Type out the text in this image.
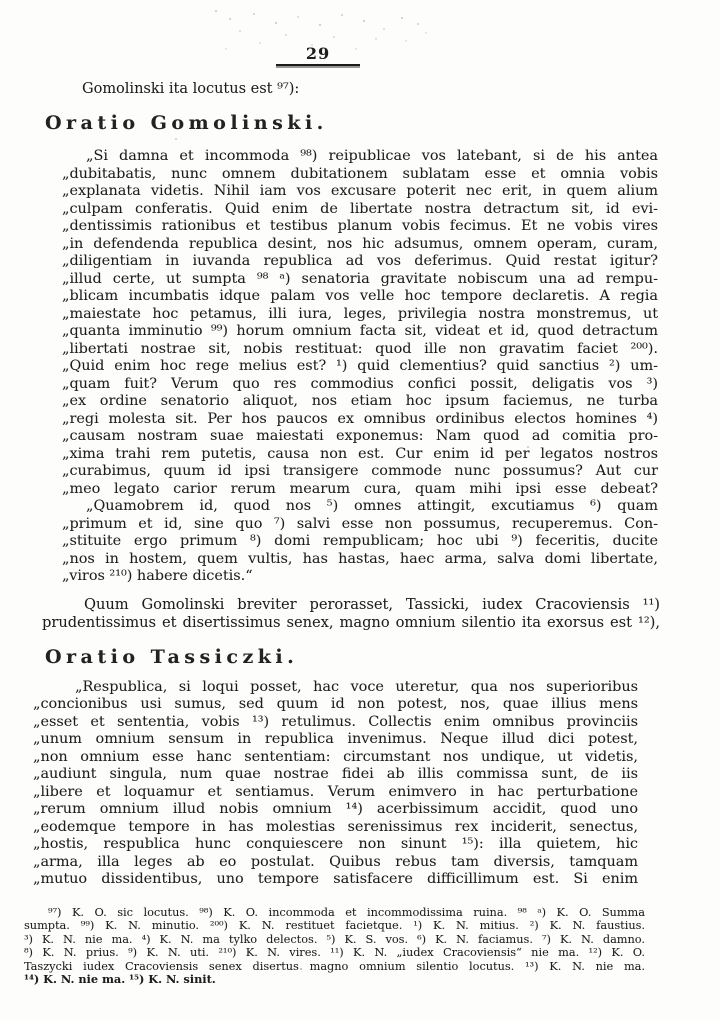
29
Gomolinski ita locutus est ⁹⁷):
Oratio Gomolinski.
„Si damna et incommoda ⁹⁸) reipublicae vos latebant, si de his antea
„dubitabatis, nunc omnem dubitationem sublatam esse et omnia vobis
„explanata videtis. Nihil iam vos excusare poterit nec erit, in quem alium
„culpam conferatis. Quid enim de libertate nostra detractum sit, id evi-
„dentissimis rationibus et testibus planum vobis fecimus. Et ne vobis vires
„in defendenda republica desint, nos hic adsumus, omnem operam, curam,
„diligentiam in iuvanda republica ad vos deferimus. Quid restat igitur?
„illud certe, ut sumpta ⁹⁸ ᵃ) senatoria gravitate nobiscum una ad rempu-
„blicam incumbatis idque palam vos velle hoc tempore declaretis. A regia
„maiestate hoc petamus, illi iura, leges, privilegia nostra monstremus, ut
„quanta imminutio ⁹⁹) horum omnium facta sit, videat et id, quod detractum
„libertati nostrae sit, nobis restituat: quod ille non gravatim faciet ²⁰⁰).
„Quid enim hoc rege melius est? ¹) quid clementius? quid sanctius ²) um-
„quam fuit? Verum quo res commodius confici possit, deligatis vos ³)
„ex ordine senatorio aliquot, nos etiam hoc ipsum faciemus, ne turba
„regi molesta sit. Per hos paucos ex omnibus ordinibus electos homines ⁴)
„causam nostram suae maiestati exponemus: Nam quod ad comitia pro-
„xima trahi rem putetis, causa non est. Cur enim id per legatos nostros
„curabimus, quum id ipsi transigere commode nunc possumus? Aut cur
„meo legato carior rerum mearum cura, quam mihi ipsi esse debeat?
„Quamobrem id, quod nos ⁵) omnes attingit, excutiamus ⁶) quam
„primum et id, sine quo ⁷) salvi esse non possumus, recuperemus. Con-
„stituite ergo primum ⁸) domi rempublicam; hoc ubi ⁹) feceritis, ducite
„nos in hostem, quem vultis, has hastas, haec arma, salva domi libertate,
„viros ²¹⁰) habere dicetis.“
Quum Gomolinski breviter perorasset, Tassicki, iudex Cracoviensis ¹¹)
prudentissimus et disertissimus senex, magno omnium silentio ita exorsus est ¹²),
Oratio Tassiczki.
„Respublica, si loqui posset, hac voce uteretur, qua nos superioribus
„concionibus usi sumus, sed quum id non potest, nos, quae illius mens
„esset et sententia, vobis ¹³) retulimus. Collectis enim omnibus provinciis
„unum omnium sensum in republica invenimus. Neque illud dici potest,
„non omnium esse hanc sententiam: circumstant nos undique, ut videtis,
„audiunt singula, num quae nostrae fidei ab illis commissa sunt, de iis
„libere et loquamur et sentiamus. Verum enimvero in hac perturbatione
„rerum omnium illud nobis omnium ¹⁴) acerbissimum accidit, quod uno
„eodemque tempore in has molestias serenissimus rex inciderit, senectus,
„hostis, respublica hunc conquiescere non sinunt ¹⁵): illa quietem, hic
„arma, illa leges ab eo postulat. Quibus rebus tam diversis, tamquam
„mutuo dissidentibus, uno tempore satisfacere difficillimum est. Si enim
⁹⁷) K. O. sic locutus. ⁹⁸) K. O. incommoda et incommodissima ruina. ⁹⁸ ᵃ) K. O. Summa
sumpta. ⁹⁹) K. N. minutio. ²⁰⁰) K. N. restituet facietque. ¹) K. N. mitius. ²) K. N. faustius.
³) K. N. nie ma. ⁴) K. N. ma tylko delectos. ⁵) K. S. vos. ⁶) K. N. faciamus. ⁷) K. N. damno.
⁸) K. N. prius. ⁹) K. N. uti. ²¹⁰) K. N. vires. ¹¹) K. N. „iudex Cracoviensis“ nie ma. ¹²) K. O.
Taszycki iudex Cracoviensis senex disertus magno omnium silentio locutus. ¹³) K. N. nie ma.
¹⁴) K. N. nie ma. ¹⁵) K. N. sinit.
